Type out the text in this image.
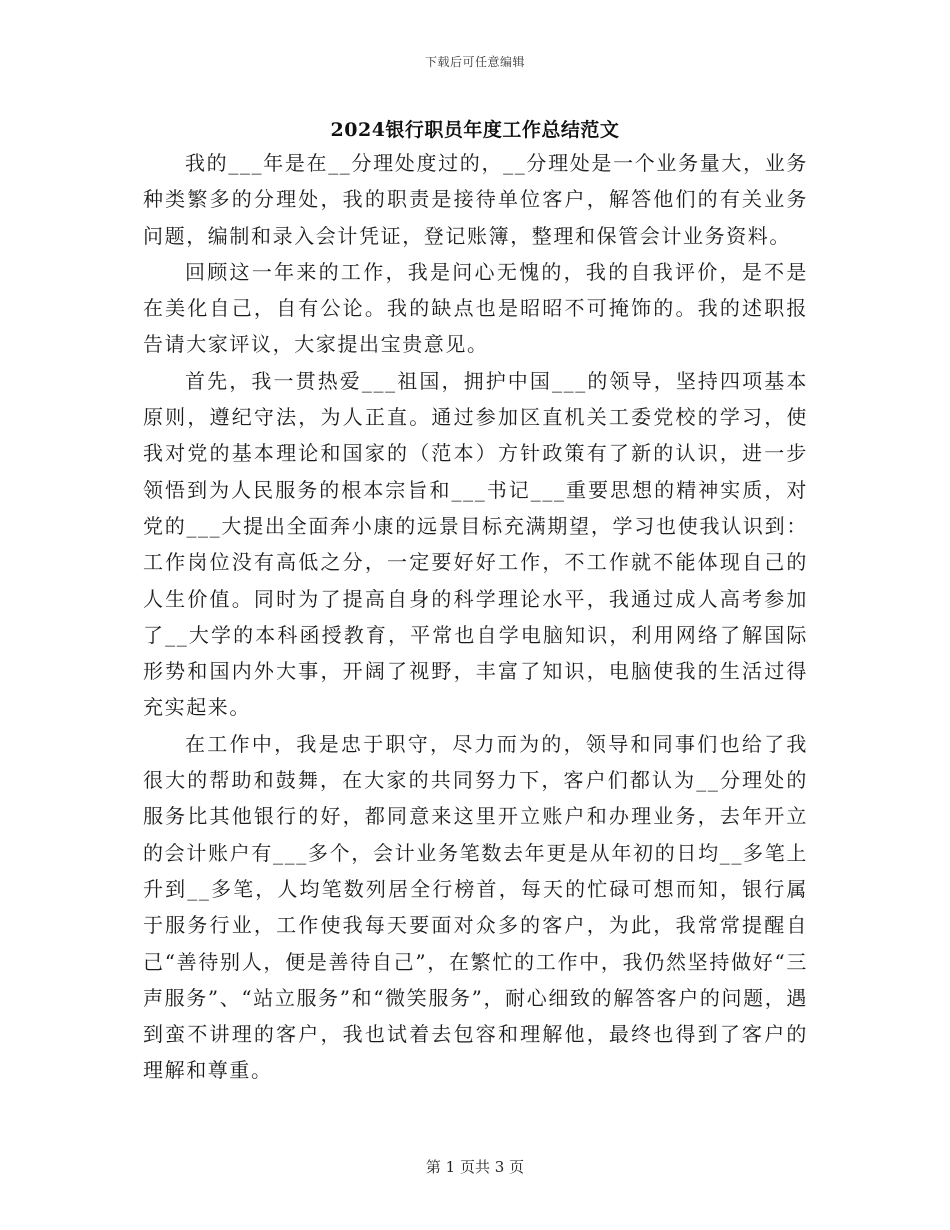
下载后可任意编辑
2024银行职员年度工作总结范文

我的___年是在__分理处度过的，__分理处是一个业务量大，业务种类繁多的分理处，我的职责是接待单位客户，解答他们的有关业务问题，编制和录入会计凭证，登记账簿，整理和保管会计业务资料。

回顾这一年来的工作，我是问心无愧的，我的自我评价，是不是在美化自己，自有公论。我的缺点也是昭昭不可掩饰的。我的述职报告请大家评议，大家提出宝贵意见。

首先，我一贯热爱___祖国，拥护中国___的领导，坚持四项基本原则，遵纪守法，为人正直。通过参加区直机关工委党校的学习，使我对党的基本理论和国家的（范本）方针政策有了新的认识，进一步领悟到为人民服务的根本宗旨和___书记___重要思想的精神实质，对党的___大提出全面奔小康的远景目标充满期望，学习也使我认识到：工作岗位没有高低之分，一定要好好工作，不工作就不能体现自己的人生价值。同时为了提高自身的科学理论水平，我通过成人高考参加了__大学的本科函授教育，平常也自学电脑知识，利用网络了解国际形势和国内外大事，开阔了视野，丰富了知识，电脑使我的生活过得充实起来。

在工作中，我是忠于职守，尽力而为的，领导和同事们也给了我很大的帮助和鼓舞，在大家的共同努力下，客户们都认为__分理处的服务比其他银行的好，都同意来这里开立账户和办理业务，去年开立的会计账户有___多个，会计业务笔数去年更是从年初的日均__多笔上升到__多笔，人均笔数列居全行榜首，每天的忙碌可想而知，银行属于服务行业，工作使我每天要面对众多的客户，为此，我常常提醒自己“善待别人，便是善待自己”，在繁忙的工作中，我仍然坚持做好“三声服务”、“站立服务”和“微笑服务”，耐心细致的解答客户的问题，遇到蛮不讲理的客户，我也试着去包容和理解他，最终也得到了客户的理解和尊重。

第 1 页共 3 页
